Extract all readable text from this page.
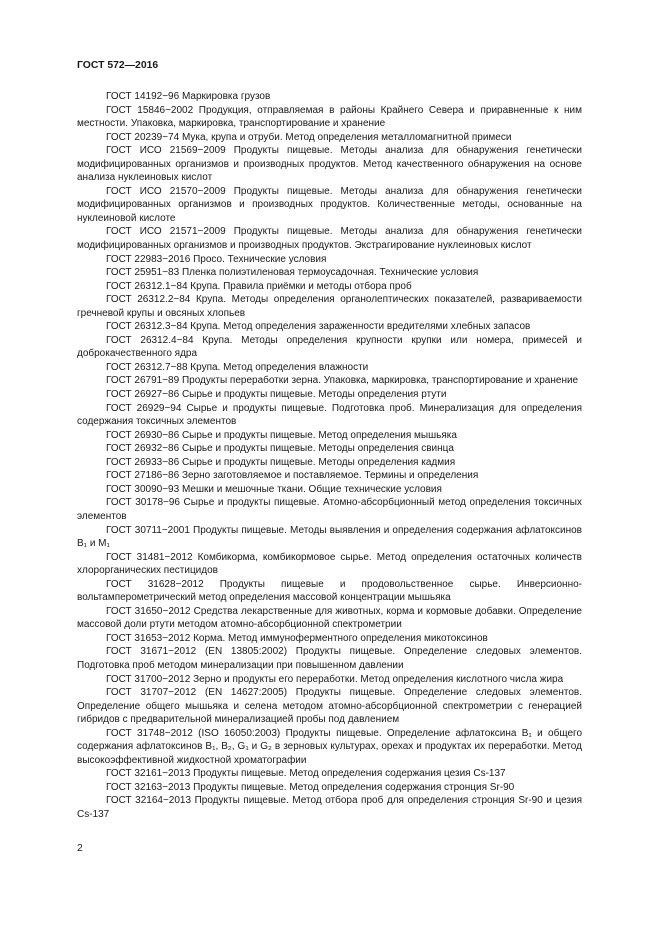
ГОСТ 572—2016

ГОСТ 14192−96 Маркировка грузов

ГОСТ 15846−2002 Продукция, отправляемая в районы Крайнего Севера и приравненные к ним местности. Упаковка, маркировка, транспортирование и хранение

ГОСТ 20239−74 Мука, крупа и отруби. Метод определения металломагнитной примеси

ГОСТ ИСО 21569−2009 Продукты пищевые. Методы анализа для обнаружения генетически модифицированных организмов и производных продуктов. Метод качественного обнаружения на основе анализа нуклеиновых кислот

ГОСТ ИСО 21570−2009 Продукты пищевые. Методы анализа для обнаружения генетически модифицированных организмов и производных продуктов. Количественные методы, основанные на нуклеиновой кислоте

ГОСТ ИСО 21571−2009 Продукты пищевые. Методы анализа для обнаружения генетически модифицированных организмов и производных продуктов. Экстрагирование нуклеиновых кислот

ГОСТ 22983−2016 Просо. Технические условия

ГОСТ 25951−83 Пленка полиэтиленовая термоусадочная. Технические условия

ГОСТ 26312.1−84 Крупа. Правила приёмки и методы отбора проб

ГОСТ 26312.2−84 Крупа. Методы определения органолептических показателей, развариваемости гречневой крупы и овсяных хлопьев

ГОСТ 26312.3−84 Крупа. Метод определения зараженности вредителями хлебных запасов

ГОСТ 26312.4−84 Крупа. Методы определения крупности крупки или номера, примесей и доброкачественного ядра

ГОСТ 26312.7−88 Крупа. Метод определения влажности

ГОСТ 26791−89 Продукты переработки зерна. Упаковка, маркировка, транспортирование и хранение

ГОСТ 26927−86 Сырье и продукты пищевые. Методы определения ртути

ГОСТ 26929−94 Сырье и продукты пищевые. Подготовка проб. Минерализация для определения содержания токсичных элементов

ГОСТ 26930−86 Сырье и продукты пищевые. Метод определения мышьяка

ГОСТ 26932−86 Сырье и продукты пищевые. Методы определения свинца

ГОСТ 26933−86 Сырье и продукты пищевые. Методы определения кадмия

ГОСТ 27186−86 Зерно заготовляемое и поставляемое. Термины и определения

ГОСТ 30090−93 Мешки и мешочные ткани. Общие технические условия

ГОСТ 30178−96 Сырье и продукты пищевые. Атомно-абсорбционный метод определения токсичных элементов

ГОСТ 30711−2001 Продукты пищевые. Методы выявления и определения содержания афлатоксинов B₁ и M₁

ГОСТ 31481−2012 Комбикорма, комбикормовое сырье. Метод определения остаточных количеств хлорорганических пестицидов

ГОСТ 31628−2012 Продукты пищевые и продовольственное сырье. Инверсионно-вольтамперометрический метод определения массовой концентрации мышьяка

ГОСТ 31650−2012 Средства лекарственные для животных, корма и кормовые добавки. Определение массовой доли ртути методом атомно-абсорбционной спектрометрии

ГОСТ 31653−2012 Корма. Метод иммуноферментного определения микотоксинов

ГОСТ 31671−2012 (EN 13805:2002) Продукты пищевые. Определение следовых элементов. Подготовка проб методом минерализации при повышенном давлении

ГОСТ 31700−2012 Зерно и продукты его переработки. Метод определения кислотного числа жира

ГОСТ 31707−2012 (EN 14627:2005) Продукты пищевые. Определение следовых элементов. Определение общего мышьяка и селена методом атомно-абсорбционной спектрометрии с генерацией гибридов с предварительной минерализацией пробы под давлением

ГОСТ 31748−2012 (ISO 16050:2003) Продукты пищевые. Определение афлатоксина B₁ и общего содержания афлатоксинов B₁, B₂, G₁ и G₂ в зерновых культурах, орехах и продуктах их переработки. Метод высокоэффективной жидкостной хроматографии

ГОСТ 32161−2013 Продукты пищевые. Метод определения содержания цезия Cs-137

ГОСТ 32163−2013 Продукты пищевые. Метод определения содержания стронция Sr-90

ГОСТ 32164−2013 Продукты пищевые. Метод отбора проб для определения стронция Sr-90 и цезия Cs-137

2
